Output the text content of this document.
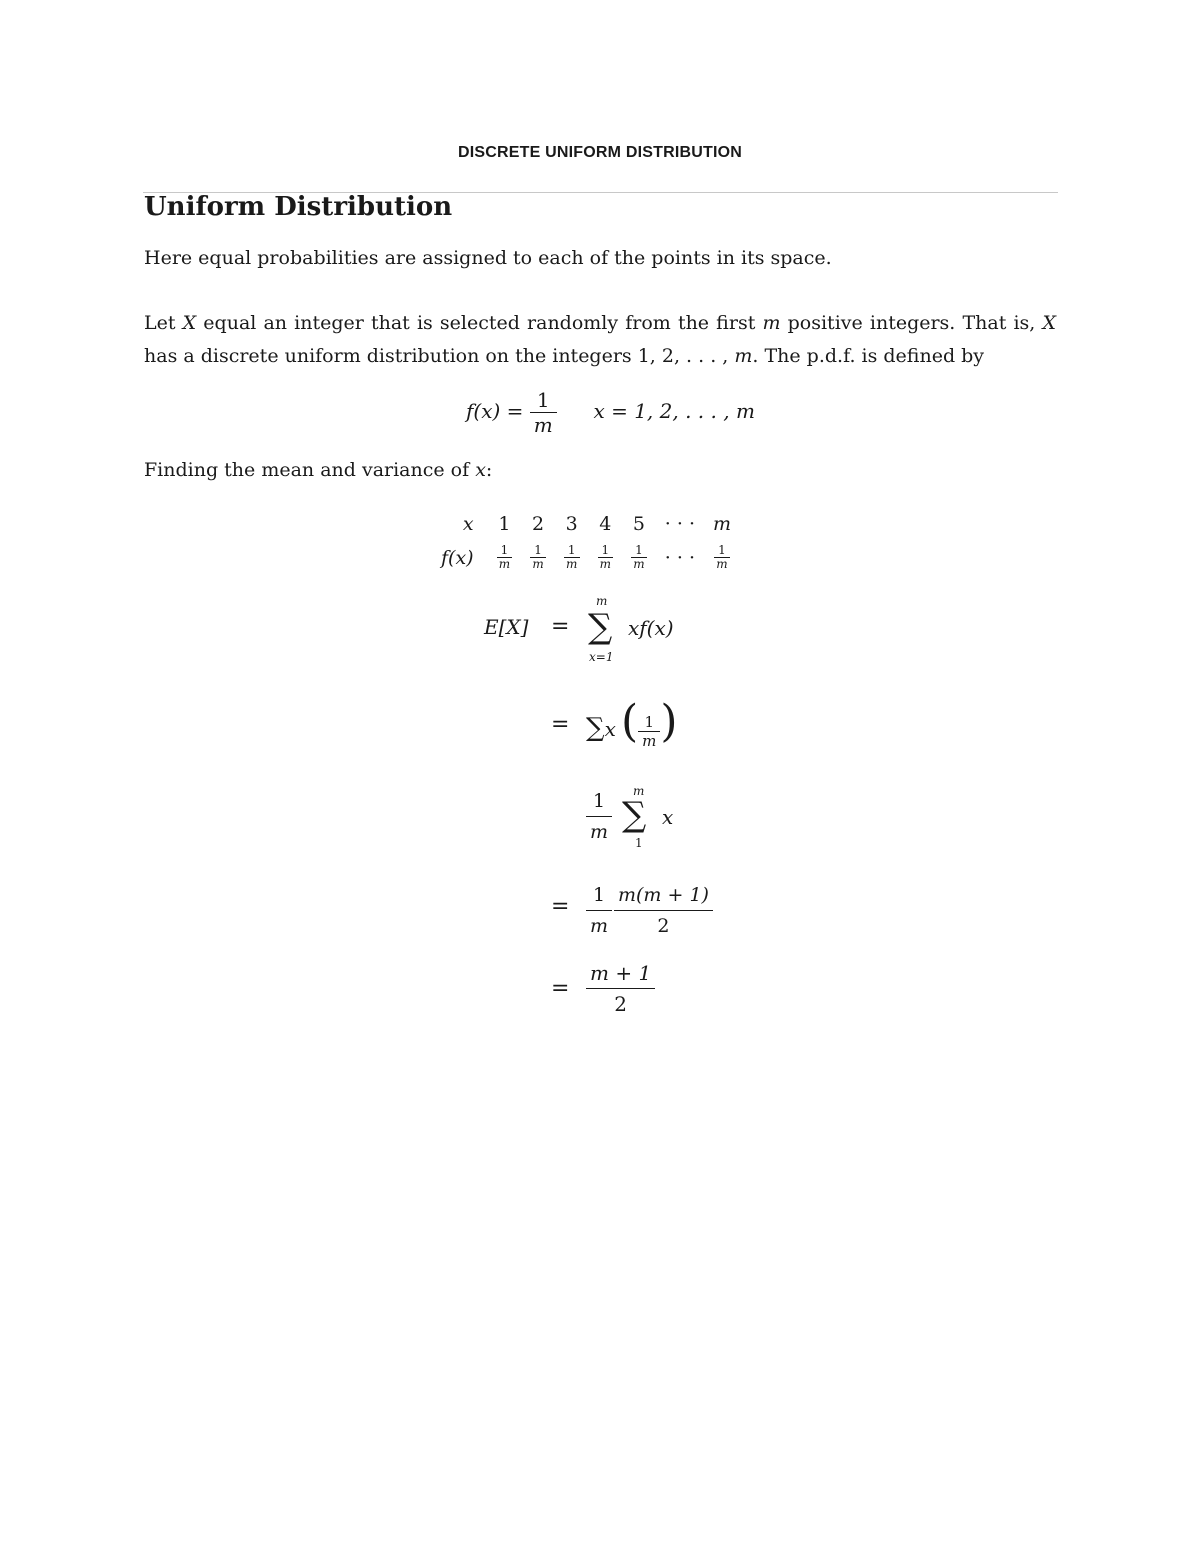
DISCRETE UNIFORM DISTRIBUTION
Uniform Distribution
Here equal probabilities are assigned to each of the points in its space.
Let X equal an integer that is selected randomly from the first m positive integers. That is, X has a discrete uniform distribution on the integers 1, 2, . . . , m. The p.d.f. is defined by
$f(x) = \frac{1}{m}$ x = 1, 2, . . . , m
Finding the mean and variance of x:
x	1	2	3	4	5	· · ·	m
f(x)	$\frac{1}{m}$	$\frac{1}{m}$	$\frac{1}{m}$	$\frac{1}{m}$	$\frac{1}{m}$	· · ·	$\frac{1}{m}$
E[X] =
m
∑
x=1
xf(x)
= ∑x ( $\frac{1}{m}$ )
$\frac{1}{m}$ m
∑
1
x
= $\frac{1}{m} \frac{m(m + 1)}{2}$
= $\frac{m + 1}{2}$
